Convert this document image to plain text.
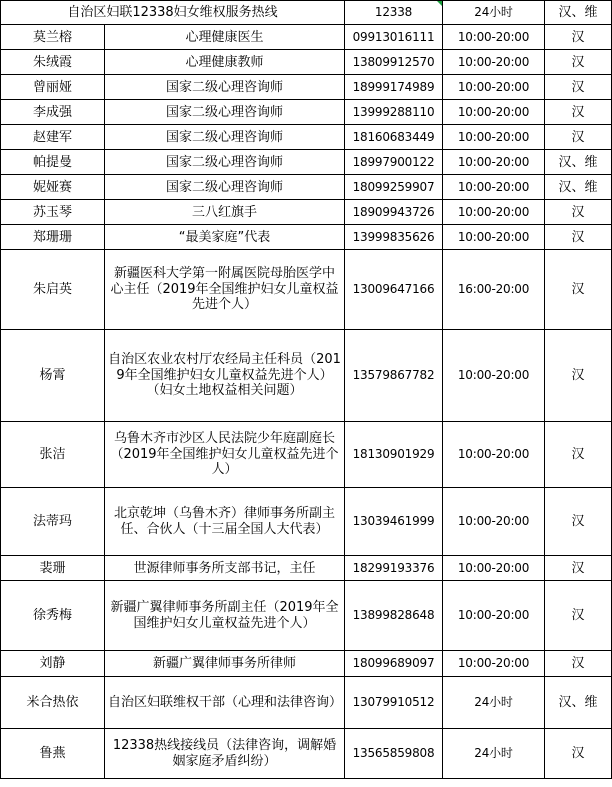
自治区妇联12338妇女维权服务热线		12338	24小时	汉、维
莫兰榕	心理健康医生	09913016111	10:00-20:00	汉
朱绒霞	心理健康教师	13809912570	10:00-20:00	汉
曾丽娅	国家二级心理咨询师	18999174989	10:00-20:00	汉
李成强	国家二级心理咨询师	13999288110	10:00-20:00	汉
赵建军	国家二级心理咨询师	18160683449	10:00-20:00	汉
帕提曼	国家二级心理咨询师	18997900122	10:00-20:00	汉、维
妮娅赛	国家二级心理咨询师	18099259907	10:00-20:00	汉、维
苏玉琴	三八红旗手	18909943726	10:00-20:00	汉
郑珊珊	“最美家庭”代表	13999835626	10:00-20:00	汉
朱启英	新疆医科大学第一附属医院母胎医学中心主任（2019年全国维护妇女儿童权益先进个人）	13009647166	16:00-20:00	汉
杨霄	自治区农业农村厅农经局主任科员（2019年全国维护妇女儿童权益先进个人）（妇女土地权益相关问题）	13579867782	10:00-20:00	汉
张洁	乌鲁木齐市沙区人民法院少年庭副庭长（2019年全国维护妇女儿童权益先进个人）	18130901929	10:00-20:00	汉
法蒂玛	北京乾坤（乌鲁木齐）律师事务所副主任、合伙人（十三届全国人大代表）	13039461999	10:00-20:00	汉
裴珊	世源律师事务所支部书记，主任	18299193376	10:00-20:00	汉
徐秀梅	新疆广翼律师事务所副主任（2019年全国维护妇女儿童权益先进个人）	13899828648	10:00-20:00	汉
刘静	新疆广翼律师事务所律师	18099689097	10:00-20:00	汉
米合热依	自治区妇联维权干部（心理和法律咨询）	13079910512	24小时	汉、维
鲁燕	12338热线接线员（法律咨询，调解婚姻家庭矛盾纠纷）	13565859808	24小时	汉
